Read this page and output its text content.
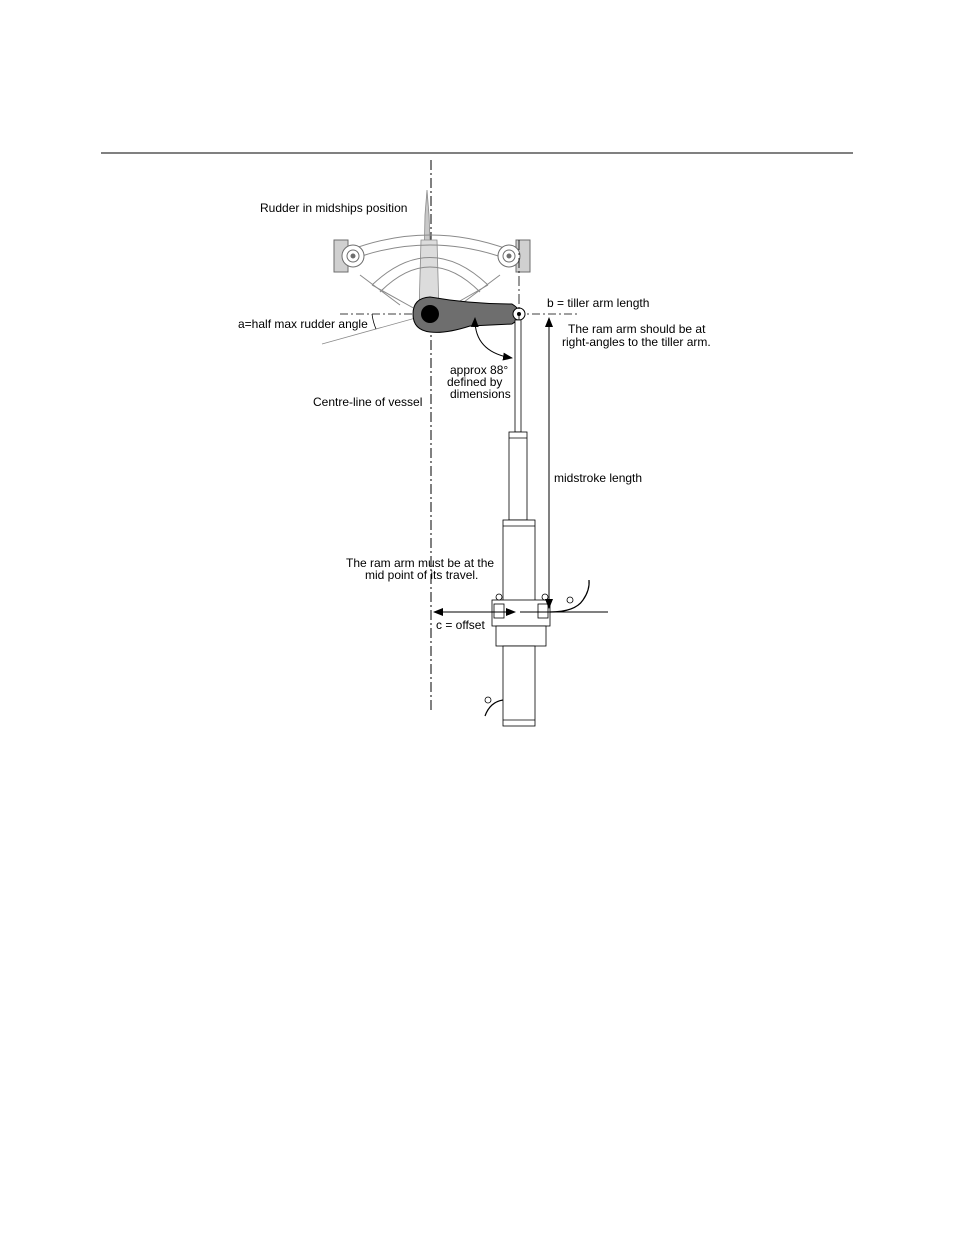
Rudder in midships position
b = tiller arm length
a=half max rudder angle	The ram arm should be at
right-angles to the tiller arm.
approx 88°
defined by
dimensions
Centre-line of vessel
midstroke length
The ram arm must be at the
mid point of its travel.
c = offset
